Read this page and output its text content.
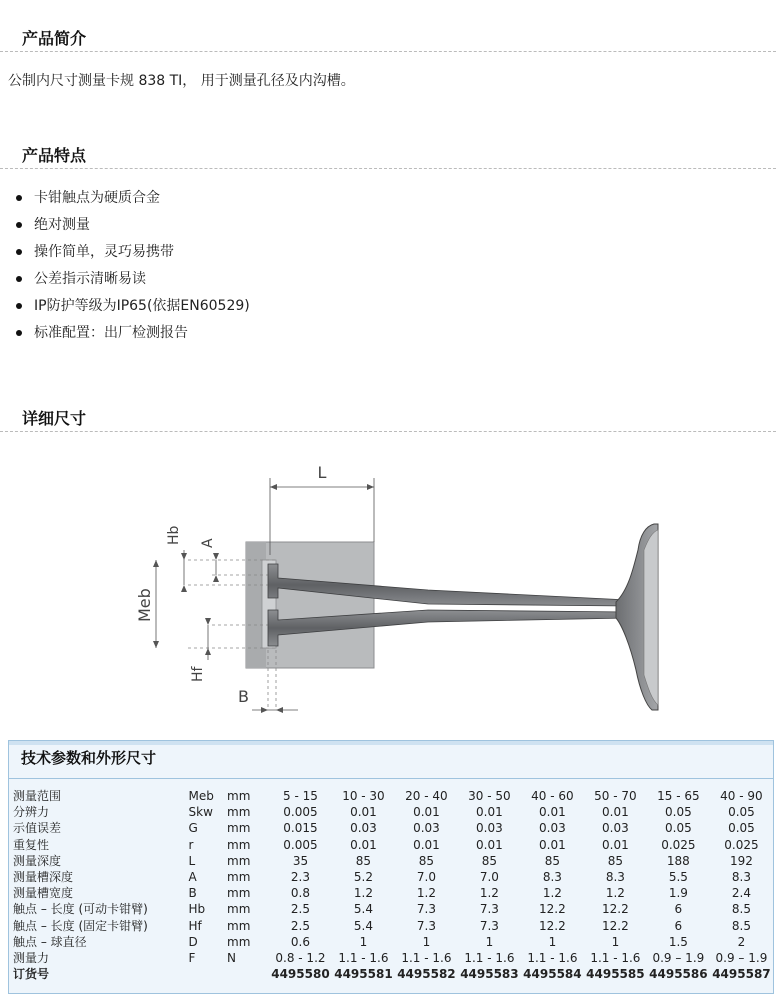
产品简介
公制内尺寸测量卡规 838 TI， 用于测量孔径及内沟槽。
产品特点
卡钳触点为硬质合金
绝对测量
操作简单，灵巧易携带
公差指示清晰易读
IP防护等级为IP65(依据EN60529)
标准配置：出厂检测报告
详细尺寸
L
Hb A
Meb
Hf
B
技术参数和外形尺寸
测量范围	Meb	mm	5 - 15	10 - 30	20 - 40	30 - 50	40 - 60	50 - 70	15 - 65	40 - 90
分辨力	Skw	mm	0.005	0.01	0.01	0.01	0.01	0.01	0.05	0.05
示值误差	G	mm	0.015	0.03	0.03	0.03	0.03	0.03	0.05	0.05
重复性	r	mm	0.005	0.01	0.01	0.01	0.01	0.01	0.025	0.025
测量深度	L	mm	35	85	85	85	85	85	188	192
测量槽深度	A	mm	2.3	5.2	7.0	7.0	8.3	8.3	5.5	8.3
测量槽宽度	B	mm	0.8	1.2	1.2	1.2	1.2	1.2	1.9	2.4
触点 – 长度 (可动卡钳臂)	Hb	mm	2.5	5.4	7.3	7.3	12.2	12.2	6	8.5
触点 – 长度 (固定卡钳臂)	Hf	mm	2.5	5.4	7.3	7.3	12.2	12.2	6	8.5
触点 – 球直径	D	mm	0.6	1	1	1	1	1	1.5	2
测量力	F	N	0.8 - 1.2	1.1 - 1.6	1.1 - 1.6	1.1 - 1.6	1.1 - 1.6	1.1 - 1.6	0.9 – 1.9	0.9 – 1.9
订货号			4495580	4495581	4495582	4495583	4495584	4495585	4495586	4495587
